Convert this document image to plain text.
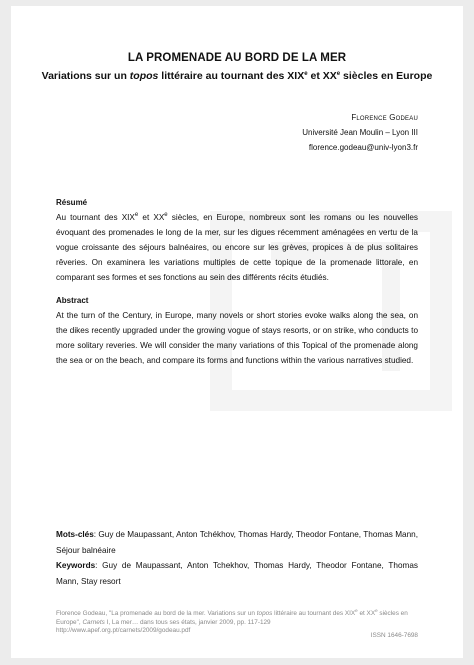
LA PROMENADE AU BORD DE LA MER
Variations sur un topos littéraire au tournant des XIXe et XXe siècles en Europe
Florence Godeau
Université Jean Moulin – Lyon III
florence.godeau@univ-lyon3.fr
Résumé
Au tournant des XIXe et XXe siècles, en Europe, nombreux sont les romans ou les nouvelles évoquant des promenades le long de la mer, sur les digues récemment aménagées en vertu de la vogue croissante des séjours balnéaires, ou encore sur les grèves, propices à de plus solitaires rêveries. On examinera les variations multiples de cette topique de la promenade littorale, en comparant ses formes et ses fonctions au sein des différents récits étudiés.
Abstract
At the turn of the Century, in Europe, many novels or short stories evoke walks along the sea, on the dikes recently upgraded under the growing vogue of stays resorts, or on strike, who conducts to more solitary reveries. We will consider the many variations of this Topical of the promenade along the sea or on the beach, and compare its forms and functions within the various narratives studied.
Mots-clés: Guy de Maupassant, Anton Tchékhov, Thomas Hardy, Theodor Fontane, Thomas Mann, Séjour balnéaire
Keywords: Guy de Maupassant, Anton Tchekhov, Thomas Hardy, Theodor Fontane, Thomas Mann, Stay resort
Florence Godeau, "La promenade au bord de la mer. Variations sur un topos littéraire au tournant des XIXe et XXe siècles en Europe", Carnets I, La mer… dans tous ses états, janvier 2009, pp. 117-129
http://www.apef.org.pt/carnets/2009/godeau.pdf
ISSN 1646-7698
